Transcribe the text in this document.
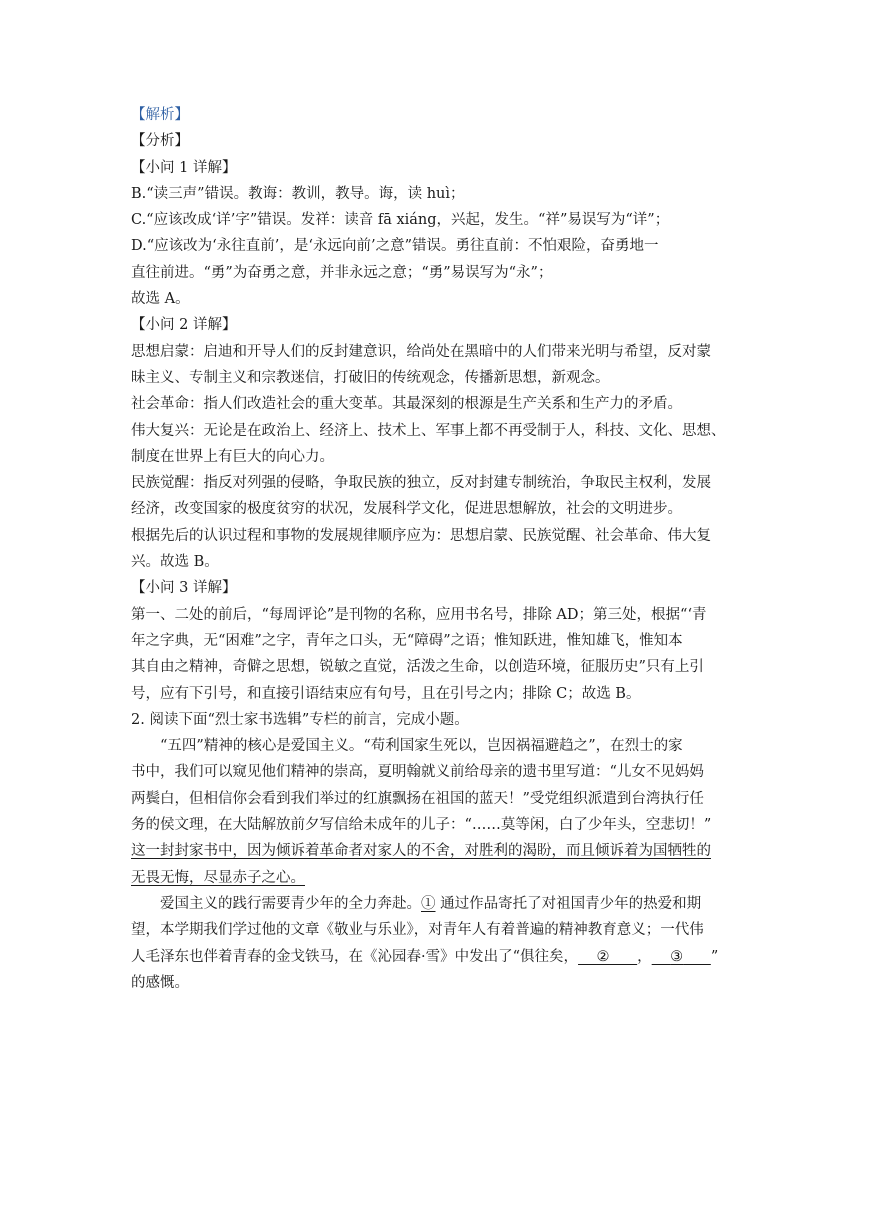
【解析】
【分析】
【小问 1 详解】
B.“读三声”错误。教诲：教训，教导。诲，读 huì；
C.“应该改成‘详’字”错误。发祥：读音 fā xiáng，兴起，发生。“祥”易误写为“详”；
D.“应该改为‘永往直前’，是‘永远向前’之意”错误。勇往直前：不怕艰险，奋勇地一
直往前进。“勇”为奋勇之意，并非永远之意；“勇”易误写为“永”；
故选 A。
【小问 2 详解】
思想启蒙：启迪和开导人们的反封建意识，给尚处在黑暗中的人们带来光明与希望，反对蒙
昧主义、专制主义和宗教迷信，打破旧的传统观念，传播新思想，新观念。
社会革命：指人们改造社会的重大变革。其最深刻的根源是生产关系和生产力的矛盾。
伟大复兴：无论是在政治上、经济上、技术上、军事上都不再受制于人，科技、文化、思想、
制度在世界上有巨大的向心力。
民族觉醒：指反对列强的侵略，争取民族的独立，反对封建专制统治，争取民主权利，发展
经济，改变国家的极度贫穷的状况，发展科学文化，促进思想解放，社会的文明进步。
根据先后的认识过程和事物的发展规律顺序应为：思想启蒙、民族觉醒、社会革命、伟大复
兴。故选 B。
【小问 3 详解】
第一、二处的前后，“每周评论”是刊物的名称，应用书名号，排除 AD；第三处，根据“‘青
年之字典，无“困难”之字，青年之口头，无“障碍”之语；惟知跃进，惟知雄飞，惟知本
其自由之精神，奇僻之思想，锐敏之直觉，活泼之生命，以创造环境，征服历史”只有上引
号，应有下引号，和直接引语结束应有句号，且在引号之内；排除 C；故选 B。
2. 阅读下面“烈士家书选辑”专栏的前言，完成小题。
“五四”精神的核心是爱国主义。“苟利国家生死以，岂因祸福避趋之”，在烈士的家
书中，我们可以窥见他们精神的崇高，夏明翰就义前给母亲的遗书里写道：“儿女不见妈妈
两鬓白，但相信你会看到我们举过的红旗飘扬在祖国的蓝天！”受党组织派遣到台湾执行任
务的侯文理，在大陆解放前夕写信给未成年的儿子：“……莫等闲，白了少年头，空悲切！”
这一封封家书中，因为倾诉着革命者对家人的不舍，对胜利的渴盼，而且倾诉着为国牺牲的
无畏无悔，尽显赤子之心。
爱国主义的践行需要青少年的全力奔赴。① 通过作品寄托了对祖国青少年的热爱和期
望，本学期我们学过他的文章《敬业与乐业》，对青年人有着普遍的精神教育意义；一代伟
人毛泽东也伴着青春的金戈铁马，在《沁园春·雪》中发出了“俱往矣，   ②    ，   ③    ”
的感慨。
